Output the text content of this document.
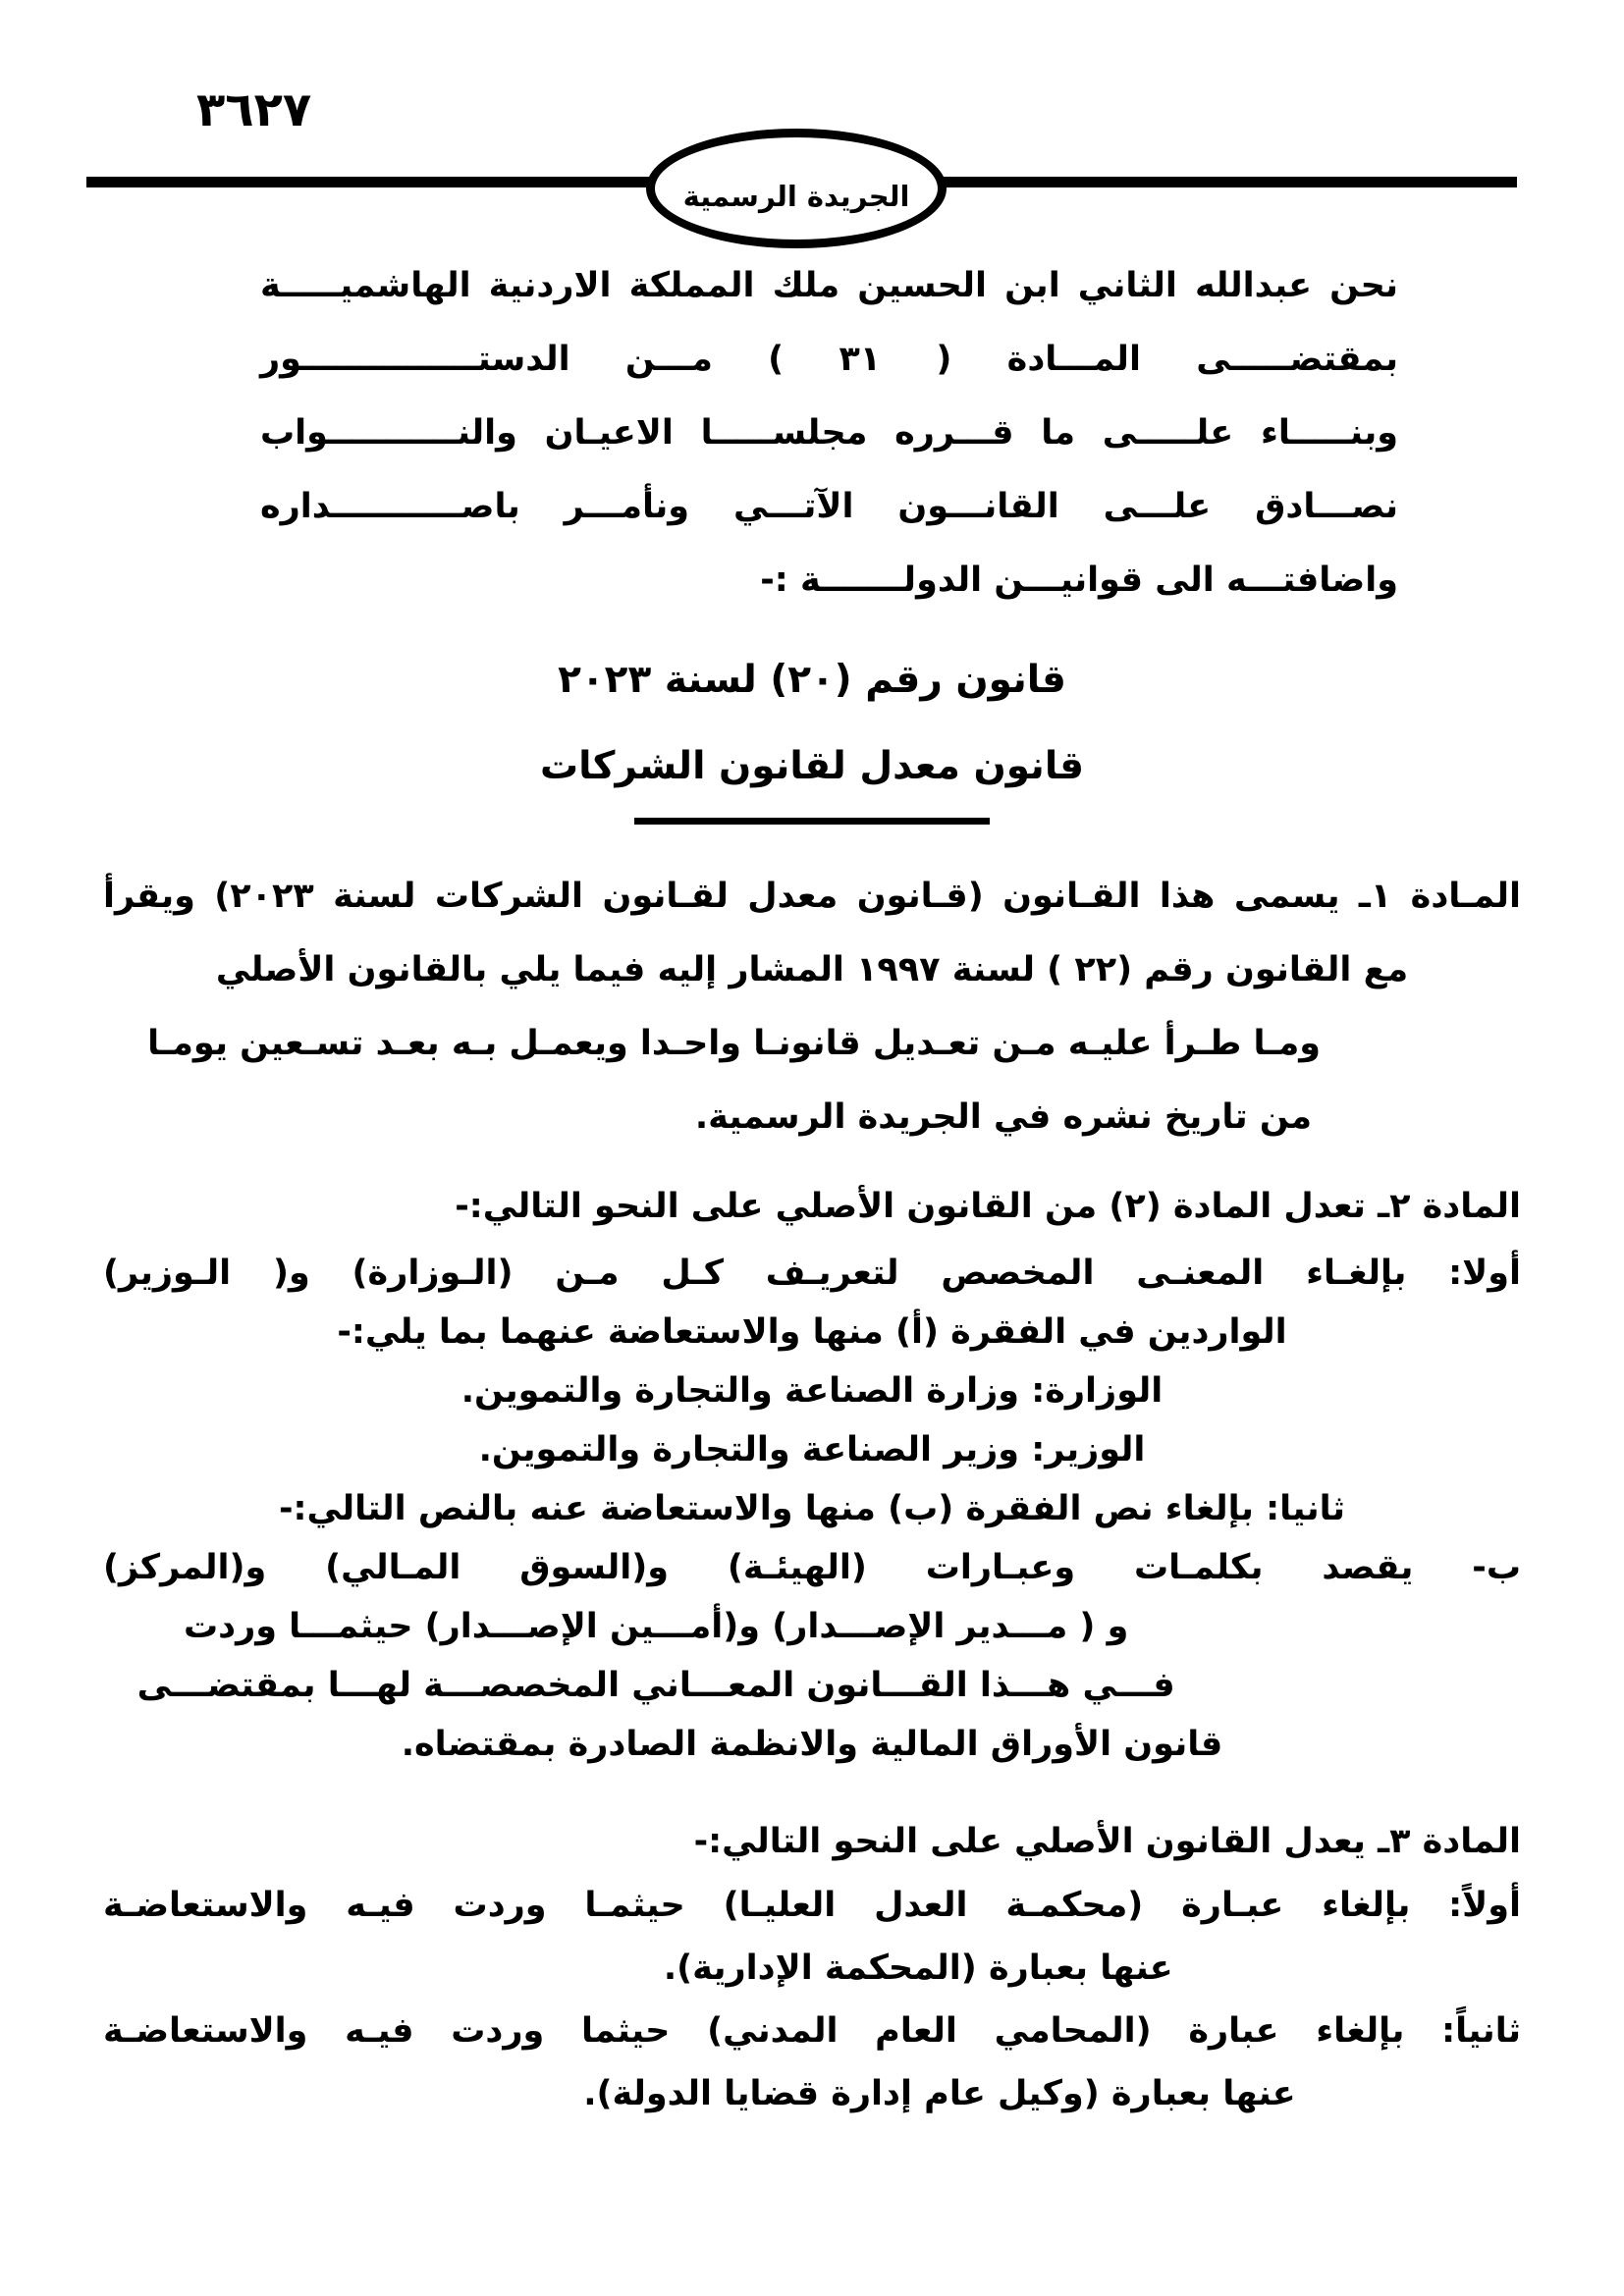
٣٦٢٧
الجريدة الرسمية
نحن عبدالله الثاني ابن الحسين ملك المملكة الاردنية الهاشميـــــة
بمقتضـــــى المـــادة ( ٣١ ) مـــن الدستـــــــــــــــور
وبنـــــاء علـــــى ما قـــرره مجلســـــا الاعيـان والنـــــــــــواب
نصـــادق علـــى القانـــون الآتـــي ونأمـــر باصـــــــــــداره
واضافتـــه الى قوانيـــن الدولـــــــة :-
قانون رقم (٢٠) لسنة ٢٠٢٣
قانون معدل لقانون الشركات
المـادة ١ـ يسمى هذا القـانون (قـانون معدل لقـانون الشركات لسنة ٢٠٢٣) ويقرأ
مع القانون رقم (٢٢ ) لسنة ١٩٩٧ المشار إليه فيما يلي بالقانون الأصلي
ومـا طـرأ عليـه مـن تعـديل قانونـا واحـدا ويعمـل بـه بعـد تسـعين يومـا
من تاريخ نشره في الجريدة الرسمية.
المادة ٢ـ تعدل المادة (٢) من القانون الأصلي على النحو التالي:-
أولا: بإلغـاء المعنـى المخصص لتعريـف كـل مـن (الـوزارة) و( الـوزير)
الواردين في الفقرة (أ) منها والاستعاضة عنهما بما يلي:-
الوزارة: وزارة الصناعة والتجارة والتموين.
الوزير: وزير الصناعة والتجارة والتموين.
ثانيا: بإلغاء نص الفقرة (ب) منها والاستعاضة عنه بالنص التالي:-
ب- يقصد بكلمـات وعبـارات (الهيئـة) و(السوق المـالي) و(المركز)
و ( مـــدير الإصـــدار) و(أمـــين الإصـــدار) حيثمـــا وردت
فـــي هـــذا القـــانون المعـــاني المخصصـــة لهـــا بمقتضـــى
قانون الأوراق المالية والانظمة الصادرة بمقتضاه.
المادة ٣ـ يعدل القانون الأصلي على النحو التالي:-
أولاً: بإلغاء عبـارة (محكمـة العدل العليـا) حيثمـا وردت فيـه والاستعاضـة
عنها بعبارة (المحكمة الإدارية).
ثانياً: بإلغاء عبارة (المحامي العام المدني) حيثما وردت فيـه والاستعاضـة
عنها بعبارة (وكيل عام إدارة قضايا الدولة).
